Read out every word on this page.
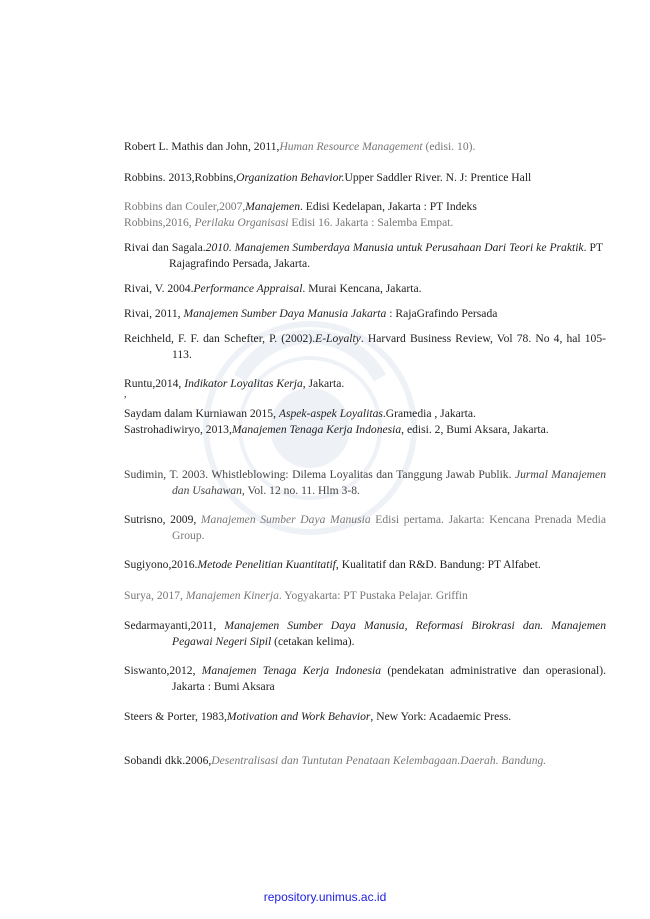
Robert L. Mathis dan John, 2011,Human Resource Management (edisi. 10).
Robbins. 2013,Robbins,Organization Behavior.Upper Saddler River. N. J: Prentice Hall
Robbins dan Couler,2007,Manajemen. Edisi Kedelapan, Jakarta : PT Indeks
Robbins,2016, Perilaku Organisasi Edisi 16. Jakarta : Salemba Empat.
Rivai dan Sagala.2010. Manajemen Sumberdaya Manusia untuk Perusahaan Dari Teori ke Praktik. PT Rajagrafindo Persada, Jakarta.
Rivai, V. 2004.Performance Appraisal. Murai Kencana, Jakarta.
Rivai, 2011, Manajemen Sumber Daya Manusia Jakarta : RajaGrafindo Persada
Reichheld, F. F. dan Schefter, P. (2002).E-Loyalty. Harvard Business Review, Vol 78. No 4, hal 105-113.
Runtu,2014, Indikator Loyalitas Kerja, Jakarta.
,
Saydam dalam Kurniawan 2015, Aspek-aspek Loyalitas.Gramedia , Jakarta.
Sastrohadiwiryo, 2013,Manajemen Tenaga Kerja Indonesia, edisi. 2, Bumi Aksara, Jakarta.
Sudimin, T. 2003. Whistleblowing: Dilema Loyalitas dan Tanggung Jawab Publik. Jurmal Manajemen dan Usahawan, Vol. 12 no. 11. Hlm 3-8.
Sutrisno, 2009, Manajemen Sumber Daya Manusia Edisi pertama. Jakarta: Kencana Prenada Media Group.
Sugiyono,2016.Metode Penelitian Kuantitatif, Kualitatif dan R&D. Bandung: PT Alfabet.
Surya, 2017, Manajemen Kinerja. Yogyakarta: PT Pustaka Pelajar. Griffin
Sedarmayanti,2011, Manajemen Sumber Daya Manusia, Reformasi Birokrasi dan. Manajemen Pegawai Negeri Sipil (cetakan kelima).
Siswanto,2012, Manajemen Tenaga Kerja Indonesia (pendekatan administrative dan operasional). Jakarta : Bumi Aksara
Steers & Porter, 1983,Motivation and Work Behavior, New York: Acadaemic Press.
Sobandi dkk.2006,Desentralisasi dan Tuntutan Penataan Kelembagaan.Daerah. Bandung.
repository.unimus.ac.id
